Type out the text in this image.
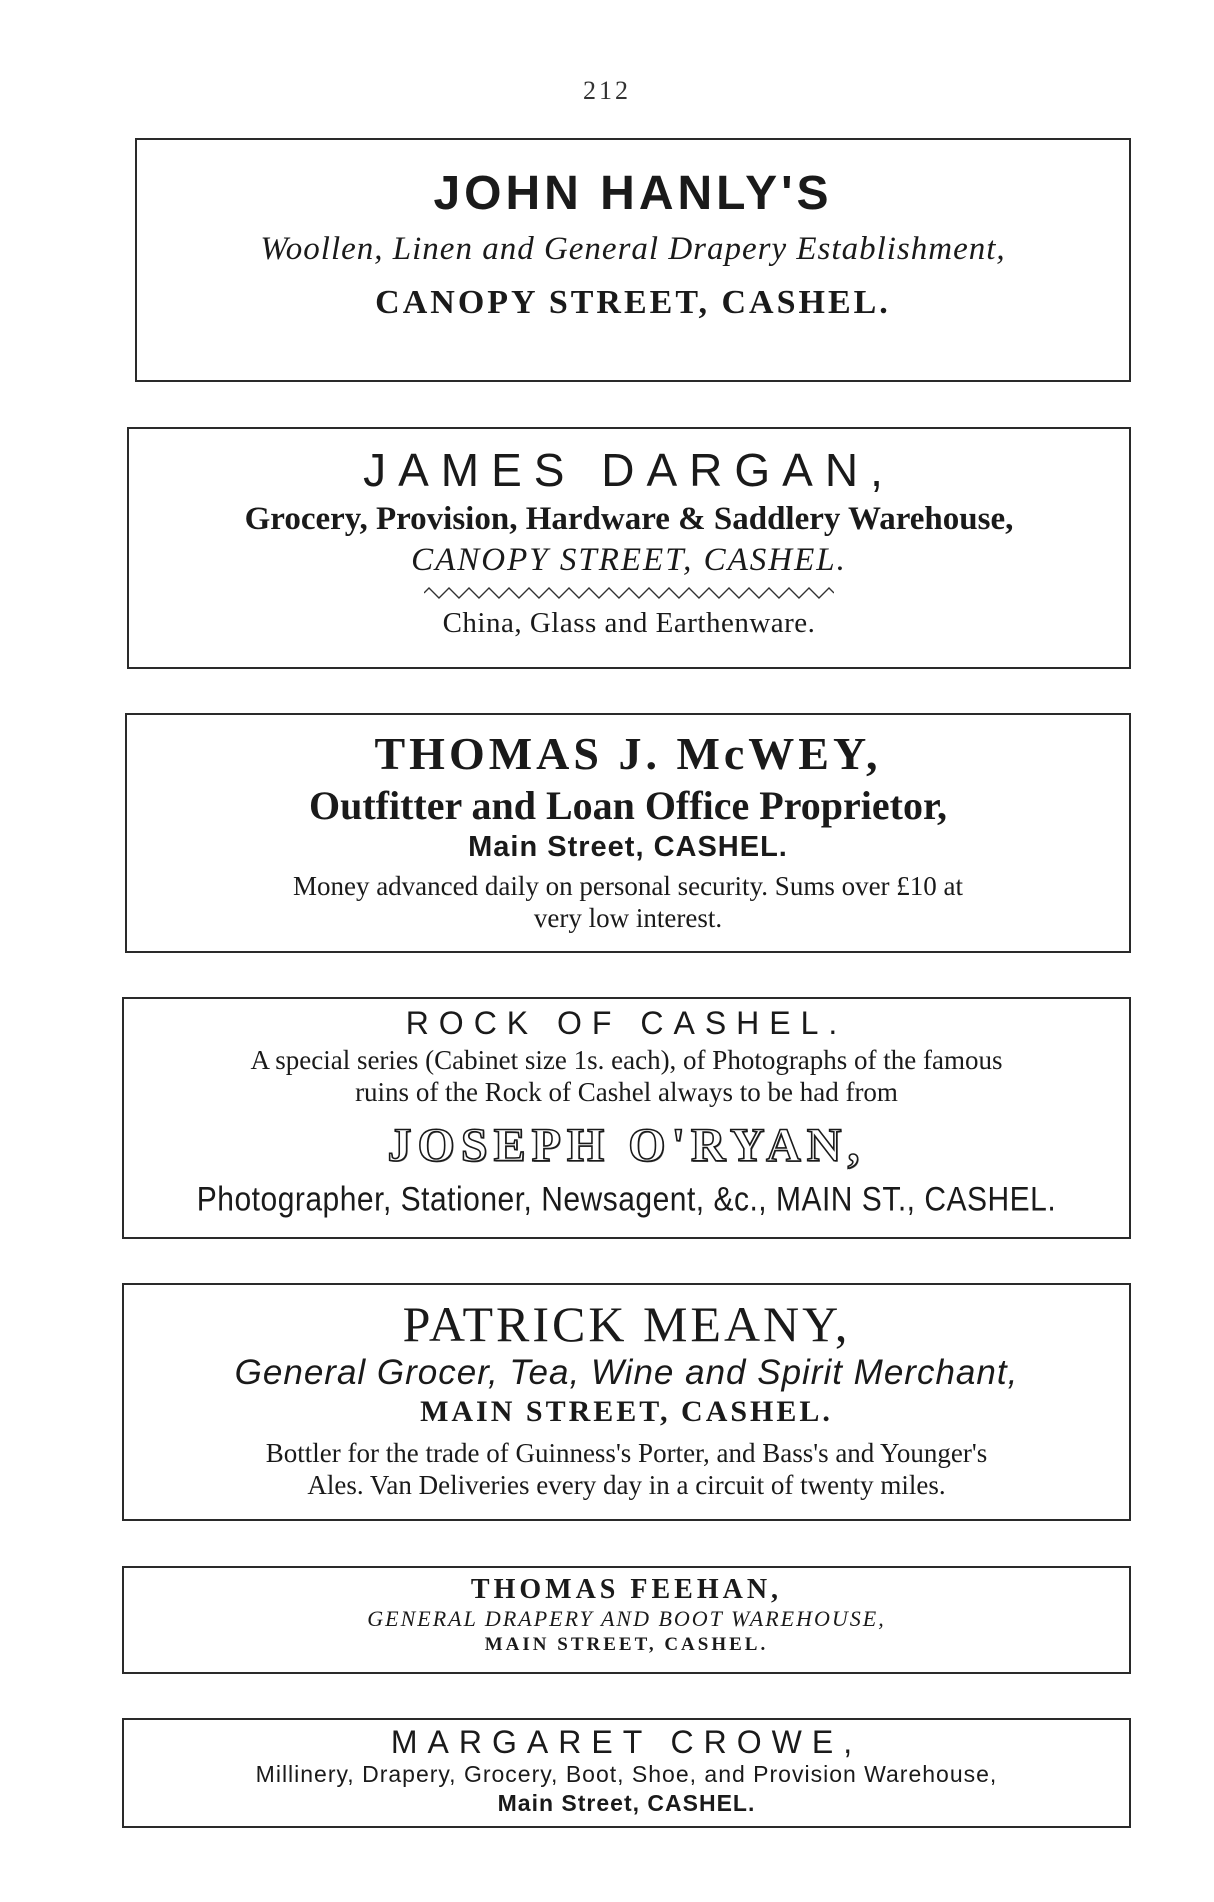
212
JOHN HANLY'S
Woollen, Linen and General Drapery Establishment,
CANOPY STREET, CASHEL.
JAMES DARGAN,
Grocery, Provision, Hardware & Saddlery Warehouse,
CANOPY STREET, CASHEL.
China, Glass and Earthenware.
THOMAS J. McWEY,
Outfitter and Loan Office Proprietor,
Main Street, CASHEL.
Money advanced daily on personal security. Sums over £10 at
very low interest.
ROCK OF CASHEL.
A special series (Cabinet size 1s. each), of Photographs of the famous
ruins of the Rock of Cashel always to be had from
JOSEPH O'RYAN,
Photographer, Stationer, Newsagent, &c., MAIN ST., CASHEL.
PATRICK MEANY,
General Grocer, Tea, Wine and Spirit Merchant,
MAIN STREET, CASHEL.
Bottler for the trade of Guinness's Porter, and Bass's and Younger's
Ales. Van Deliveries every day in a circuit of twenty miles.
THOMAS FEEHAN,
GENERAL DRAPERY AND BOOT WAREHOUSE,
MAIN STREET, CASHEL.
MARGARET CROWE,
Millinery, Drapery, Grocery, Boot, Shoe, and Provision Warehouse,
Main Street, CASHEL.
